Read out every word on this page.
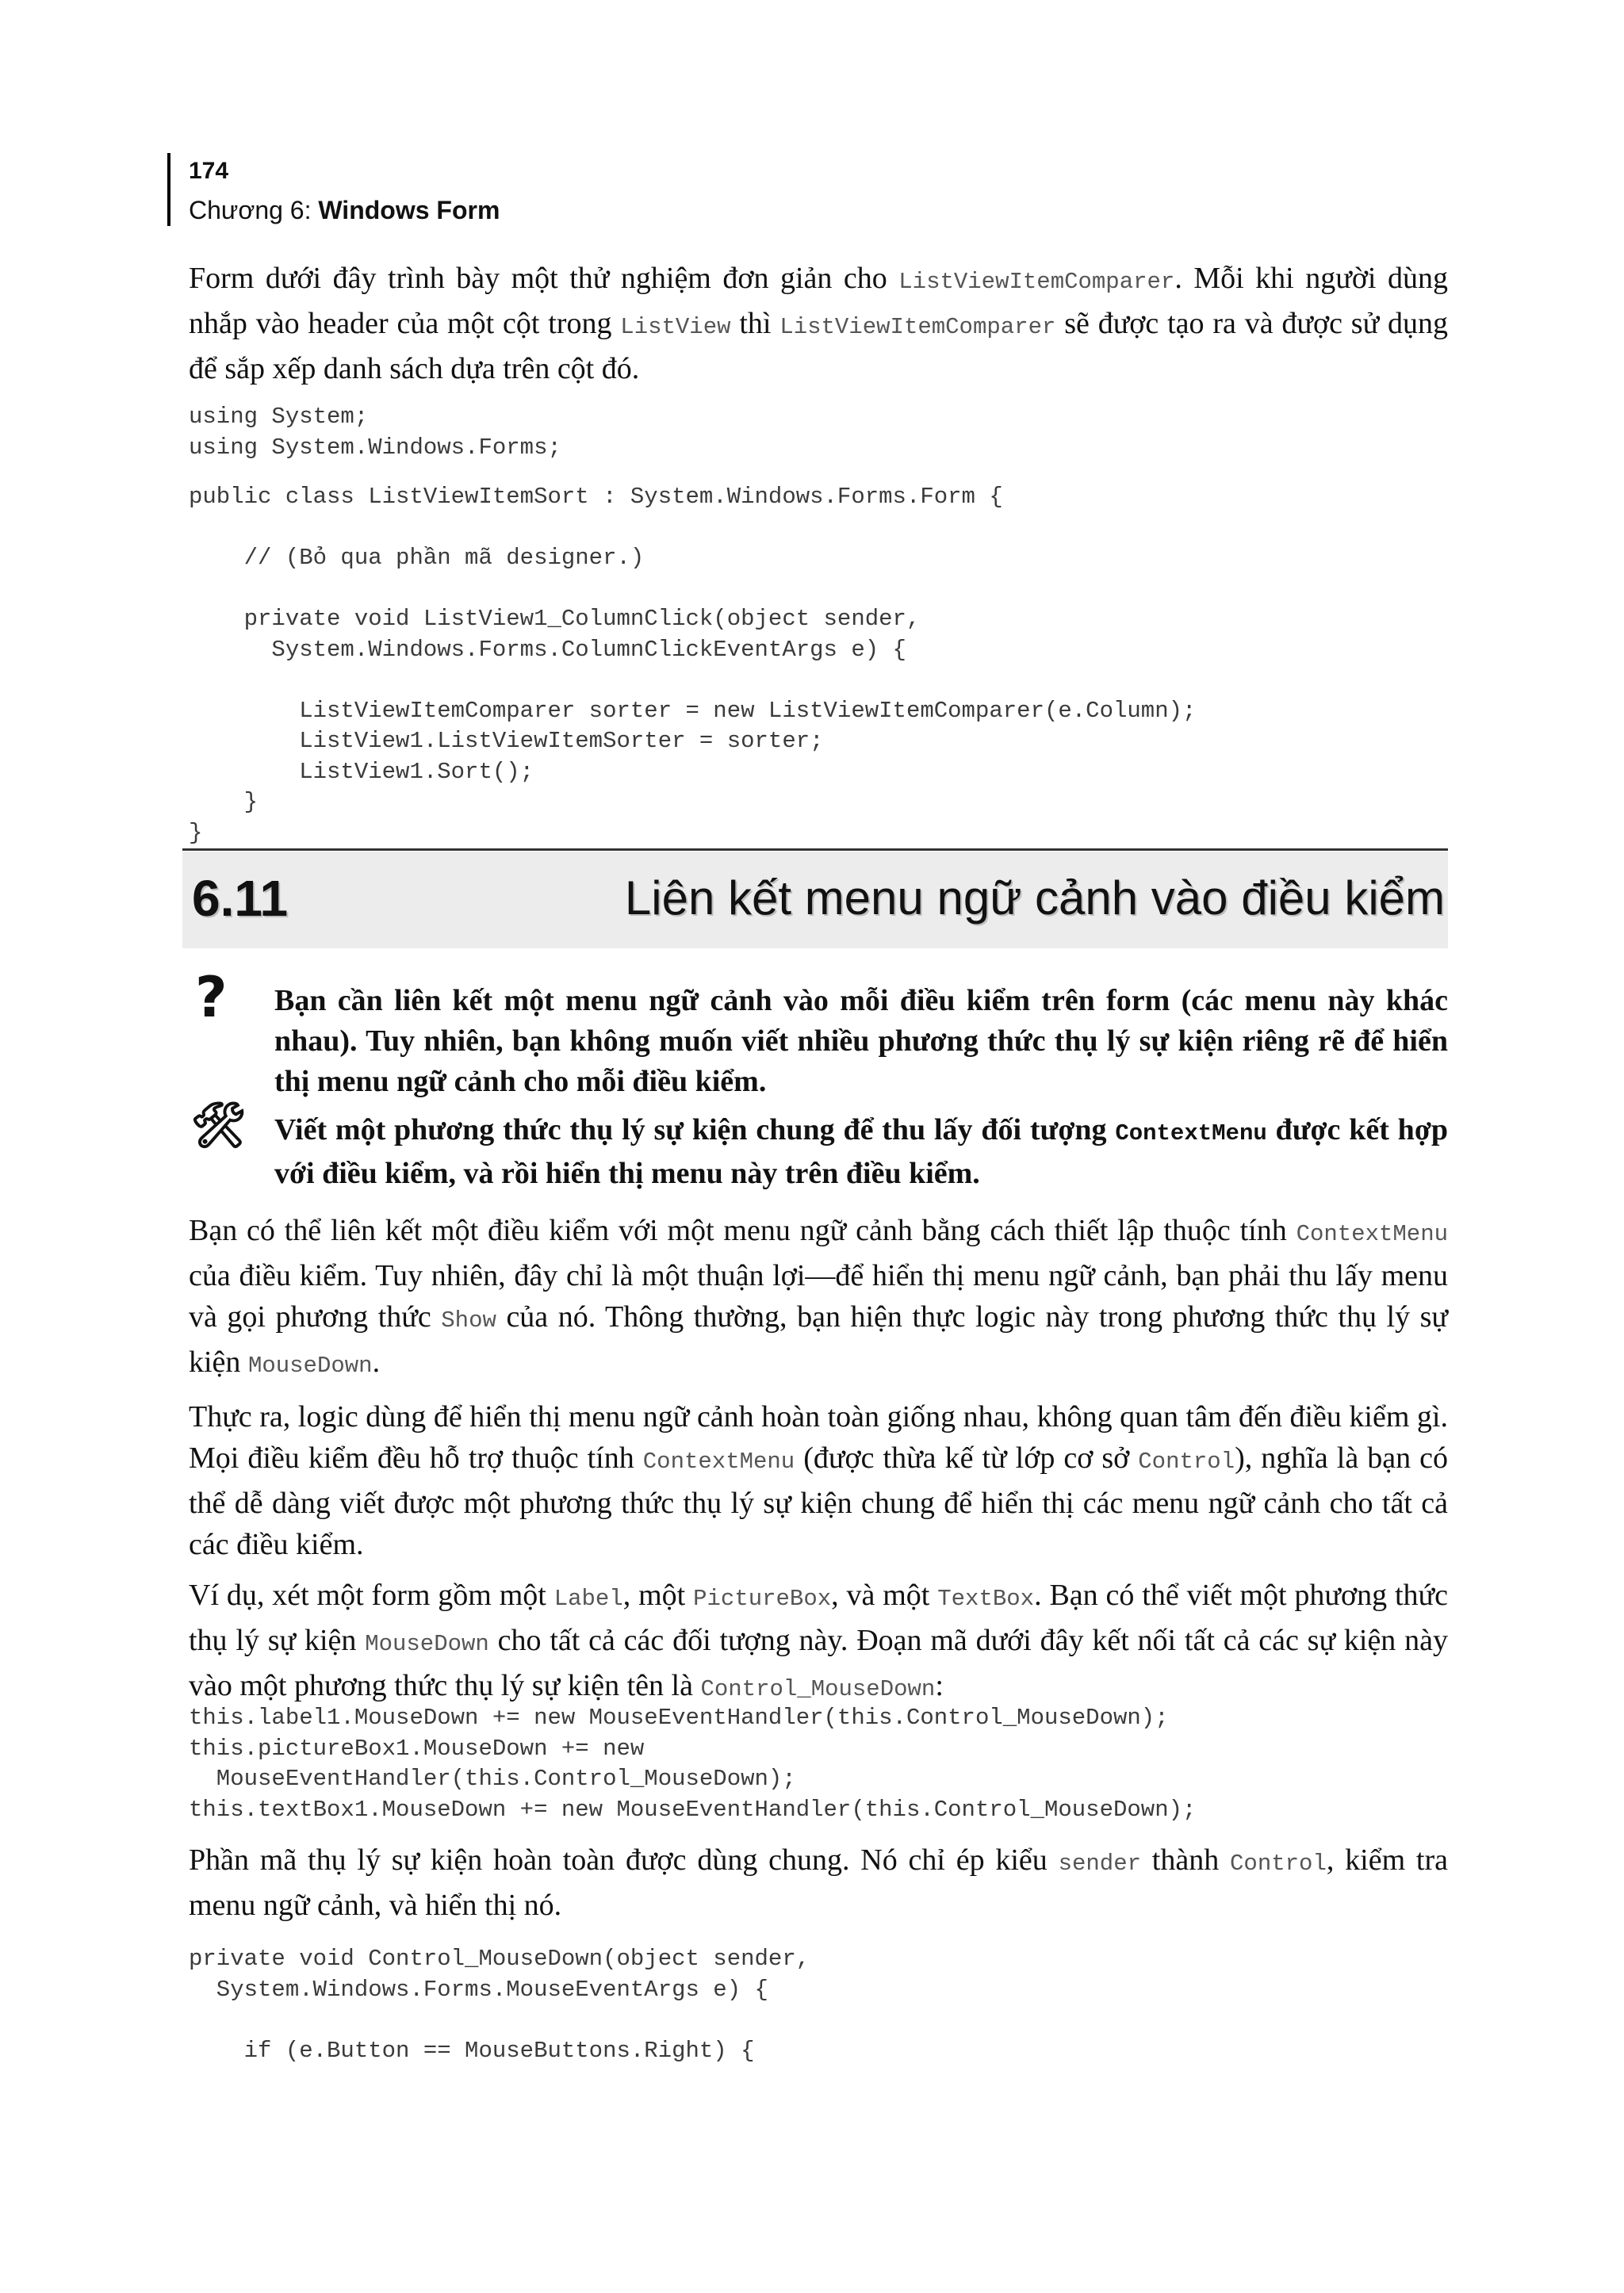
174
Chương 6: Windows Form

Form dưới đây trình bày một thử nghiệm đơn giản cho ListViewItemComparer. Mỗi khi người dùng nhắp vào header của một cột trong ListView thì ListViewItemComparer sẽ được tạo ra và được sử dụng để sắp xếp danh sách dựa trên cột đó.

using System;
using System.Windows.Forms;
public class ListViewItemSort : System.Windows.Forms.Form {

// (Bỏ qua phần mã designer.)

private void ListView1_ColumnClick(object sender,
System.Windows.Forms.ColumnClickEventArgs e) {

ListViewItemComparer sorter = new ListViewItemComparer(e.Column);
ListView1.ListViewItemSorter = sorter;
ListView1.Sort();
}
}
6.11	Liên kết menu ngữ cảnh vào điều kiểm
? Bạn cần liên kết một menu ngữ cảnh vào mỗi điều kiểm trên form (các menu này khác nhau). Tuy nhiên, bạn không muốn viết nhiều phương thức thụ lý sự kiện riêng rẽ để hiển thị menu ngữ cảnh cho mỗi điều kiểm.

🛠 Viết một phương thức thụ lý sự kiện chung để thu lấy đối tượng ContextMenu được kết hợp với điều kiểm, và rồi hiển thị menu này trên điều kiểm.

Bạn có thể liên kết một điều kiểm với một menu ngữ cảnh bằng cách thiết lập thuộc tính ContextMenu của điều kiểm. Tuy nhiên, đây chỉ là một thuận lợi—để hiển thị menu ngữ cảnh, bạn phải thu lấy menu và gọi phương thức Show của nó. Thông thường, bạn hiện thực logic này trong phương thức thụ lý sự kiện MouseDown.

Thực ra, logic dùng để hiển thị menu ngữ cảnh hoàn toàn giống nhau, không quan tâm đến điều kiểm gì. Mọi điều kiểm đều hỗ trợ thuộc tính ContextMenu (được thừa kế từ lớp cơ sở Control), nghĩa là bạn có thể dễ dàng viết được một phương thức thụ lý sự kiện chung để hiển thị các menu ngữ cảnh cho tất cả các điều kiểm.

Ví dụ, xét một form gồm một Label, một PictureBox, và một TextBox. Bạn có thể viết một phương thức thụ lý sự kiện MouseDown cho tất cả các đối tượng này. Đoạn mã dưới đây kết nối tất cả các sự kiện này vào một phương thức thụ lý sự kiện tên là Control_MouseDown:

this.label1.MouseDown += new MouseEventHandler(this.Control_MouseDown);
this.pictureBox1.MouseDown += new
MouseEventHandler(this.Control_MouseDown);
this.textBox1.MouseDown += new MouseEventHandler(this.Control_MouseDown);

Phần mã thụ lý sự kiện hoàn toàn được dùng chung. Nó chỉ ép kiểu sender thành Control, kiểm tra menu ngữ cảnh, và hiển thị nó.

private void Control_MouseDown(object sender,
System.Windows.Forms.MouseEventArgs e) {

if (e.Button == MouseButtons.Right) {
